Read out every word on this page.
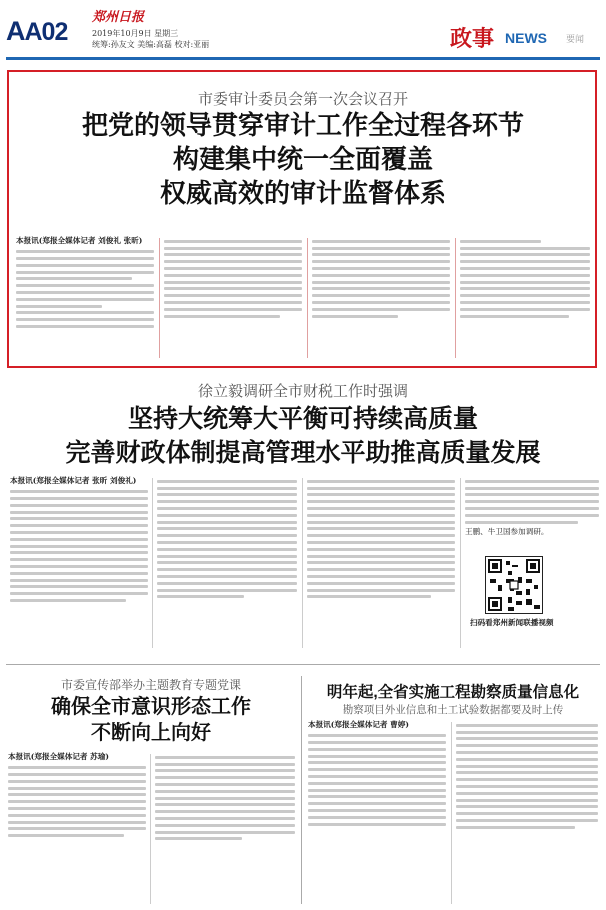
AA02
郑州日报
2019年10月9日 星期三
统筹:孙友文 美编:高磊 校对:亚丽	政事 NEWS 要闻
市委审计委员会第一次会议召开
把党的领导贯穿审计工作全过程各环节
构建集中统一全面覆盖
权威高效的审计监督体系
本报讯(郑报全媒体记者 刘俊礼 张昕)
徐立毅调研全市财税工作时强调
坚持大统筹大平衡可持续高质量
完善财政体制提高管理水平助推高质量发展
本报讯(郑报全媒体记者 张昕 刘俊礼)
王鹏、牛卫国参加调研。
扫码看郑州新闻联播视频
市委宣传部举办主题教育专题党课
确保全市意识形态工作
不断向上向好
本报讯(郑报全媒体记者 苏瑜)
明年起,全省实施工程勘察质量信息化
勘察项目外业信息和土工试验数据都要及时上传
本报讯(郑报全媒体记者 曹婷)
